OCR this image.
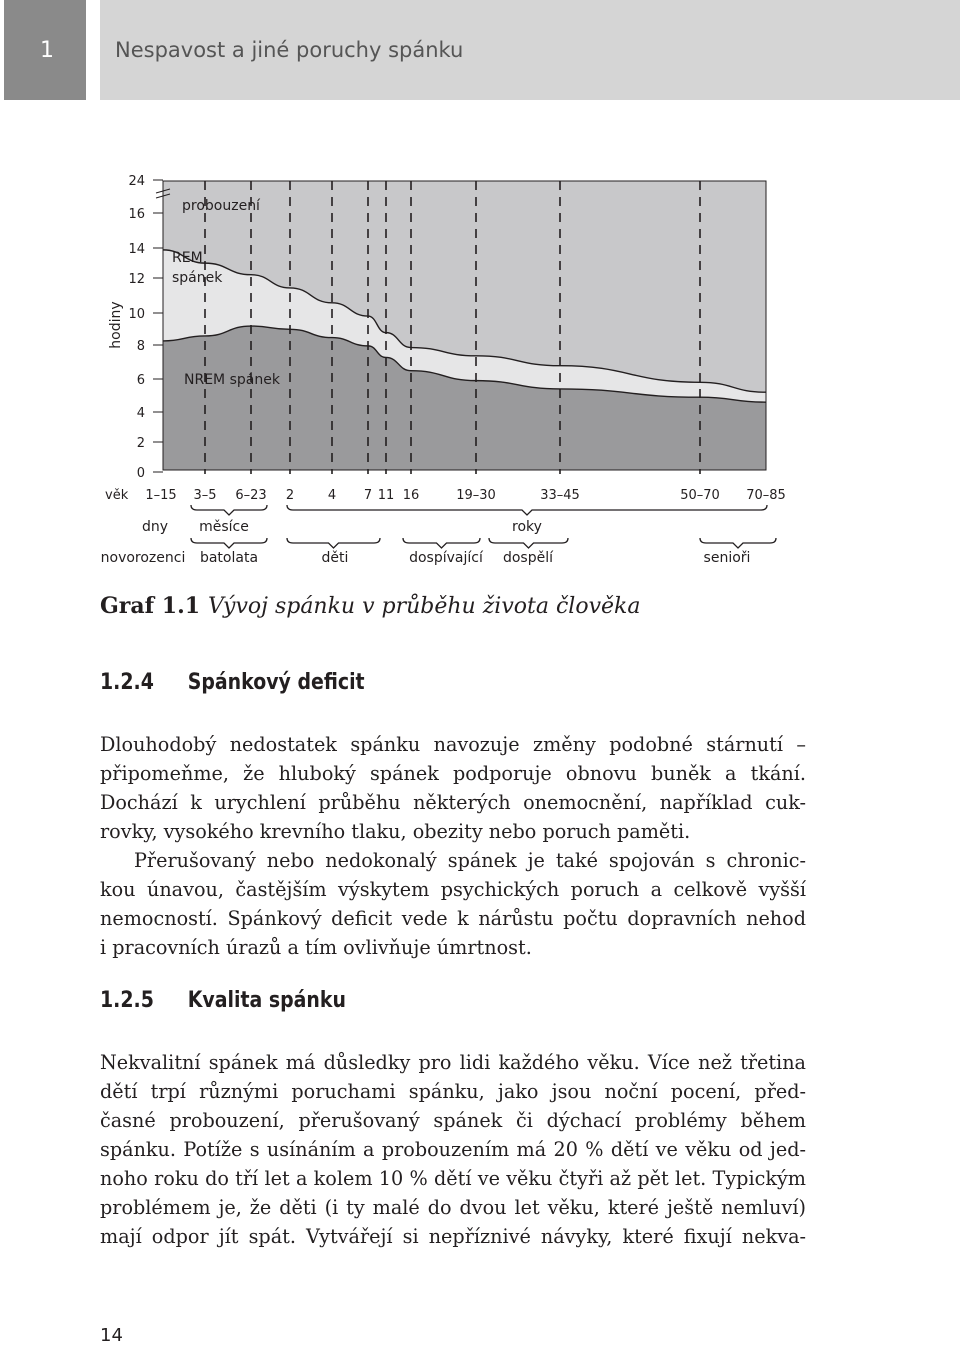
1	Nespavost a jiné poruchy spánku
24
16
14
12
10
8
6
4
2
0
hodiny
probouzení
REM
spánek
NREM spánek
věk 1–15 3–5 6–23 2	4 7 11 16	19–30	33–45	50–70 70–85
dny měsíce	roky
novorozenci batolata	děti	dospívající dospělí	senioři
Graf 1.1 Vývoj spánku v průběhu života člověka
1.2.4 Spánkový deficit
Dlouhodobý nedostatek spánku navozuje změny podobné stárnutí –
připomeňme, že hluboký spánek podporuje obnovu buněk a tkání.
Dochází k urychlení průběhu některých onemocnění, například cuk-
rovky, vysokého krevního tlaku, obezity nebo poruch paměti.
Přerušovaný nebo nedokonalý spánek je také spojován s chronic-
kou únavou, častějším výskytem psychických poruch a celkově vyšší
nemocností. Spánkový deficit vede k nárůstu počtu dopravních nehod
i pracovních úrazů a tím ovlivňuje úmrtnost.
1.2.5 Kvalita spánku
Nekvalitní spánek má důsledky pro lidi každého věku. Více než třetina
dětí trpí různými poruchami spánku, jako jsou noční pocení, před-
časné probouzení, přerušovaný spánek či dýchací problémy během
spánku. Potíže s usínáním a probouzením má 20 % dětí ve věku od jed-
noho roku do tří let a kolem 10 % dětí ve věku čtyři až pět let. Typickým
problémem je, že děti (i ty malé do dvou let věku, které ještě nemluví)
mají odpor jít spát. Vytvářejí si nepříznivé návyky, které fixují nekva-
14
